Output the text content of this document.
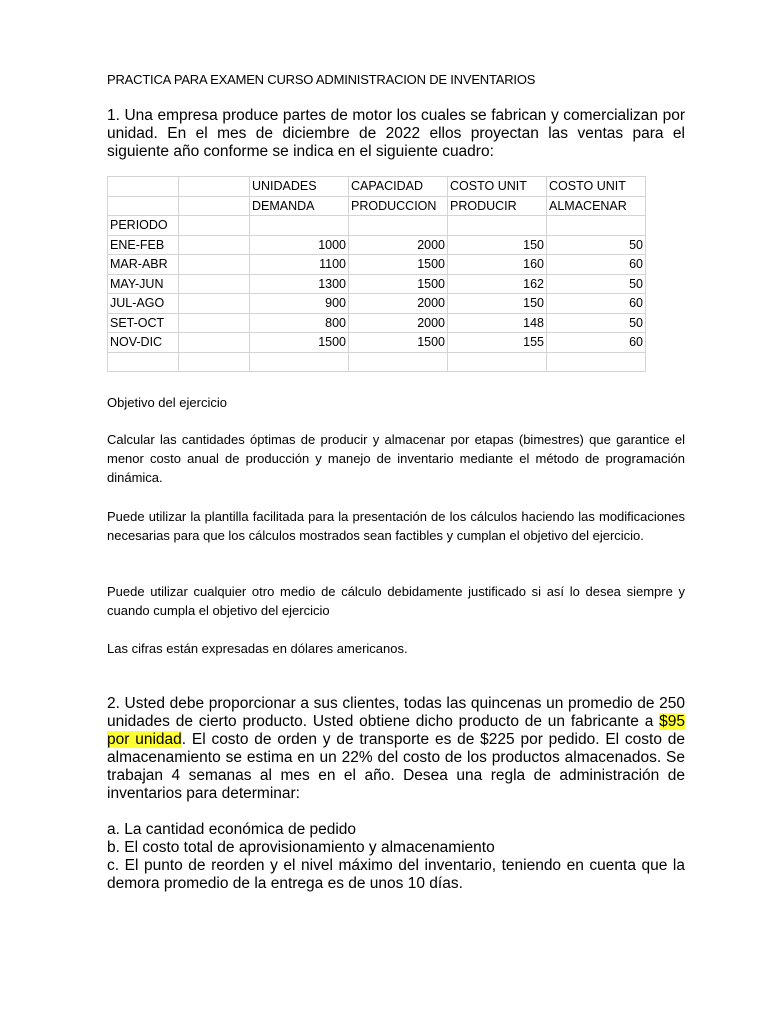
PRACTICA PARA EXAMEN CURSO ADMINISTRACION DE INVENTARIOS

1. Una empresa produce partes de motor los cuales se fabrican y comercializan por unidad. En el mes de diciembre de 2022 ellos proyectan las ventas para el siguiente año conforme se indica en el siguiente cuadro:

		UNIDADES	CAPACIDAD	COSTO UNIT	COSTO UNIT
		DEMANDA	PRODUCCION	PRODUCIR	ALMACENAR
PERIODO					
ENE-FEB		1000	2000	150	50
MAR-ABR		1100	1500	160	60
MAY-JUN		1300	1500	162	50
JUL-AGO		900	2000	150	60
SET-OCT		800	2000	148	50
NOV-DIC		1500	1500	155	60

Objetivo del ejercicio

Calcular las cantidades óptimas de producir y almacenar por etapas (bimestres) que garantice el menor costo anual de producción y manejo de inventario mediante el método de programación dinámica.

Puede utilizar la plantilla facilitada para la presentación de los cálculos haciendo las modificaciones necesarias para que los cálculos mostrados sean factibles y cumplan el objetivo del ejercicio.

Puede utilizar cualquier otro medio de cálculo debidamente justificado si así lo desea siempre y cuando cumpla el objetivo del ejercicio

Las cifras están expresadas en dólares americanos.

2. Usted debe proporcionar a sus clientes, todas las quincenas un promedio de 250 unidades de cierto producto. Usted obtiene dicho producto de un fabricante a $95 por unidad. El costo de orden y de transporte es de $225 por pedido. El costo de almacenamiento se estima en un 22% del costo de los productos almacenados. Se trabajan 4 semanas al mes en el año. Desea una regla de administración de inventarios para determinar:

a. La cantidad económica de pedido
b. El costo total de aprovisionamiento y almacenamiento
c. El punto de reorden y el nivel máximo del inventario, teniendo en cuenta que la demora promedio de la entrega es de unos 10 días.
